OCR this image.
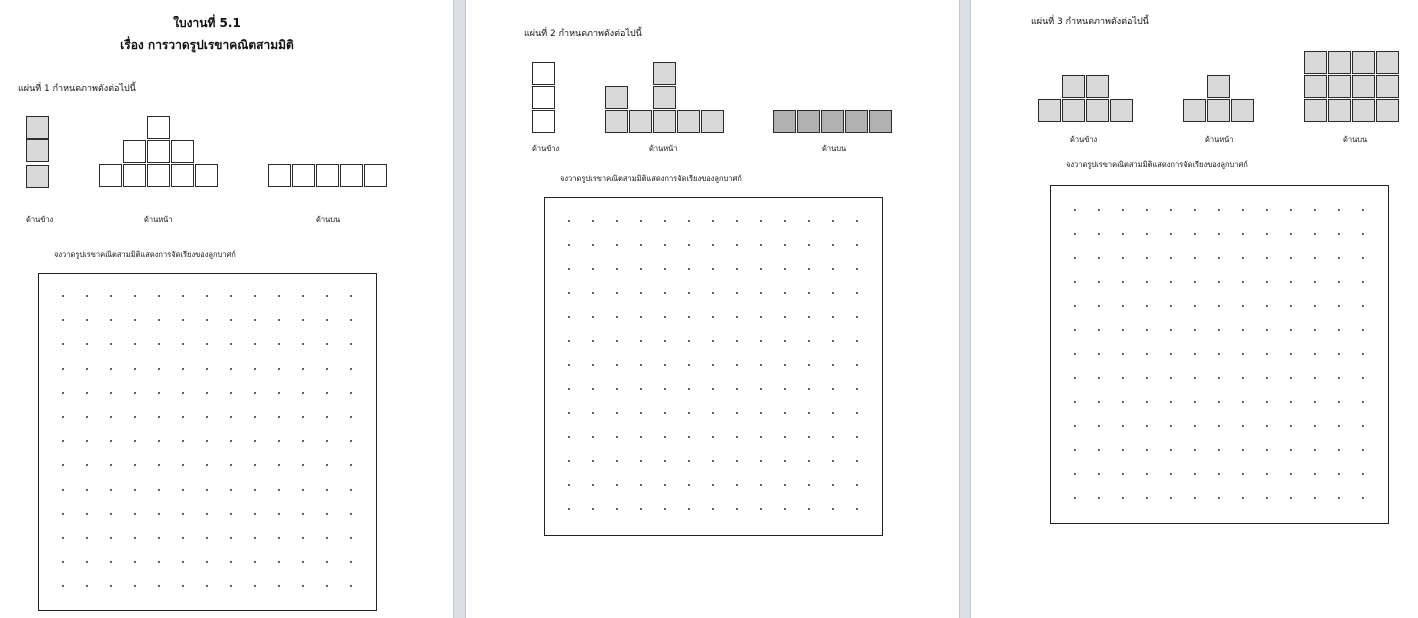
ใบงานที่ 5.1
เรื่อง การวาดรูปเรขาคณิตสามมิติ
แผ่นที่ 1 กำหนดภาพดังต่อไปนี้
ด้านข้าง	ด้านหน้า	ด้านบน
จงวาดรูปเรขาคณิตสามมิติแสดงการจัดเรียงของลูกบาศก์
แผ่นที่ 2 กำหนดภาพดังต่อไปนี้
ด้านข้าง	ด้านหน้า	ด้านบน
จงวาดรูปเรขาคณิตสามมิติแสดงการจัดเรียงของลูกบาศก์
แผ่นที่ 3 กำหนดภาพดังต่อไปนี้
ด้านข้าง	ด้านหน้า	ด้านบน
จงวาดรูปเรขาคณิตสามมิติแสดงการจัดเรียงของลูกบาศก์
